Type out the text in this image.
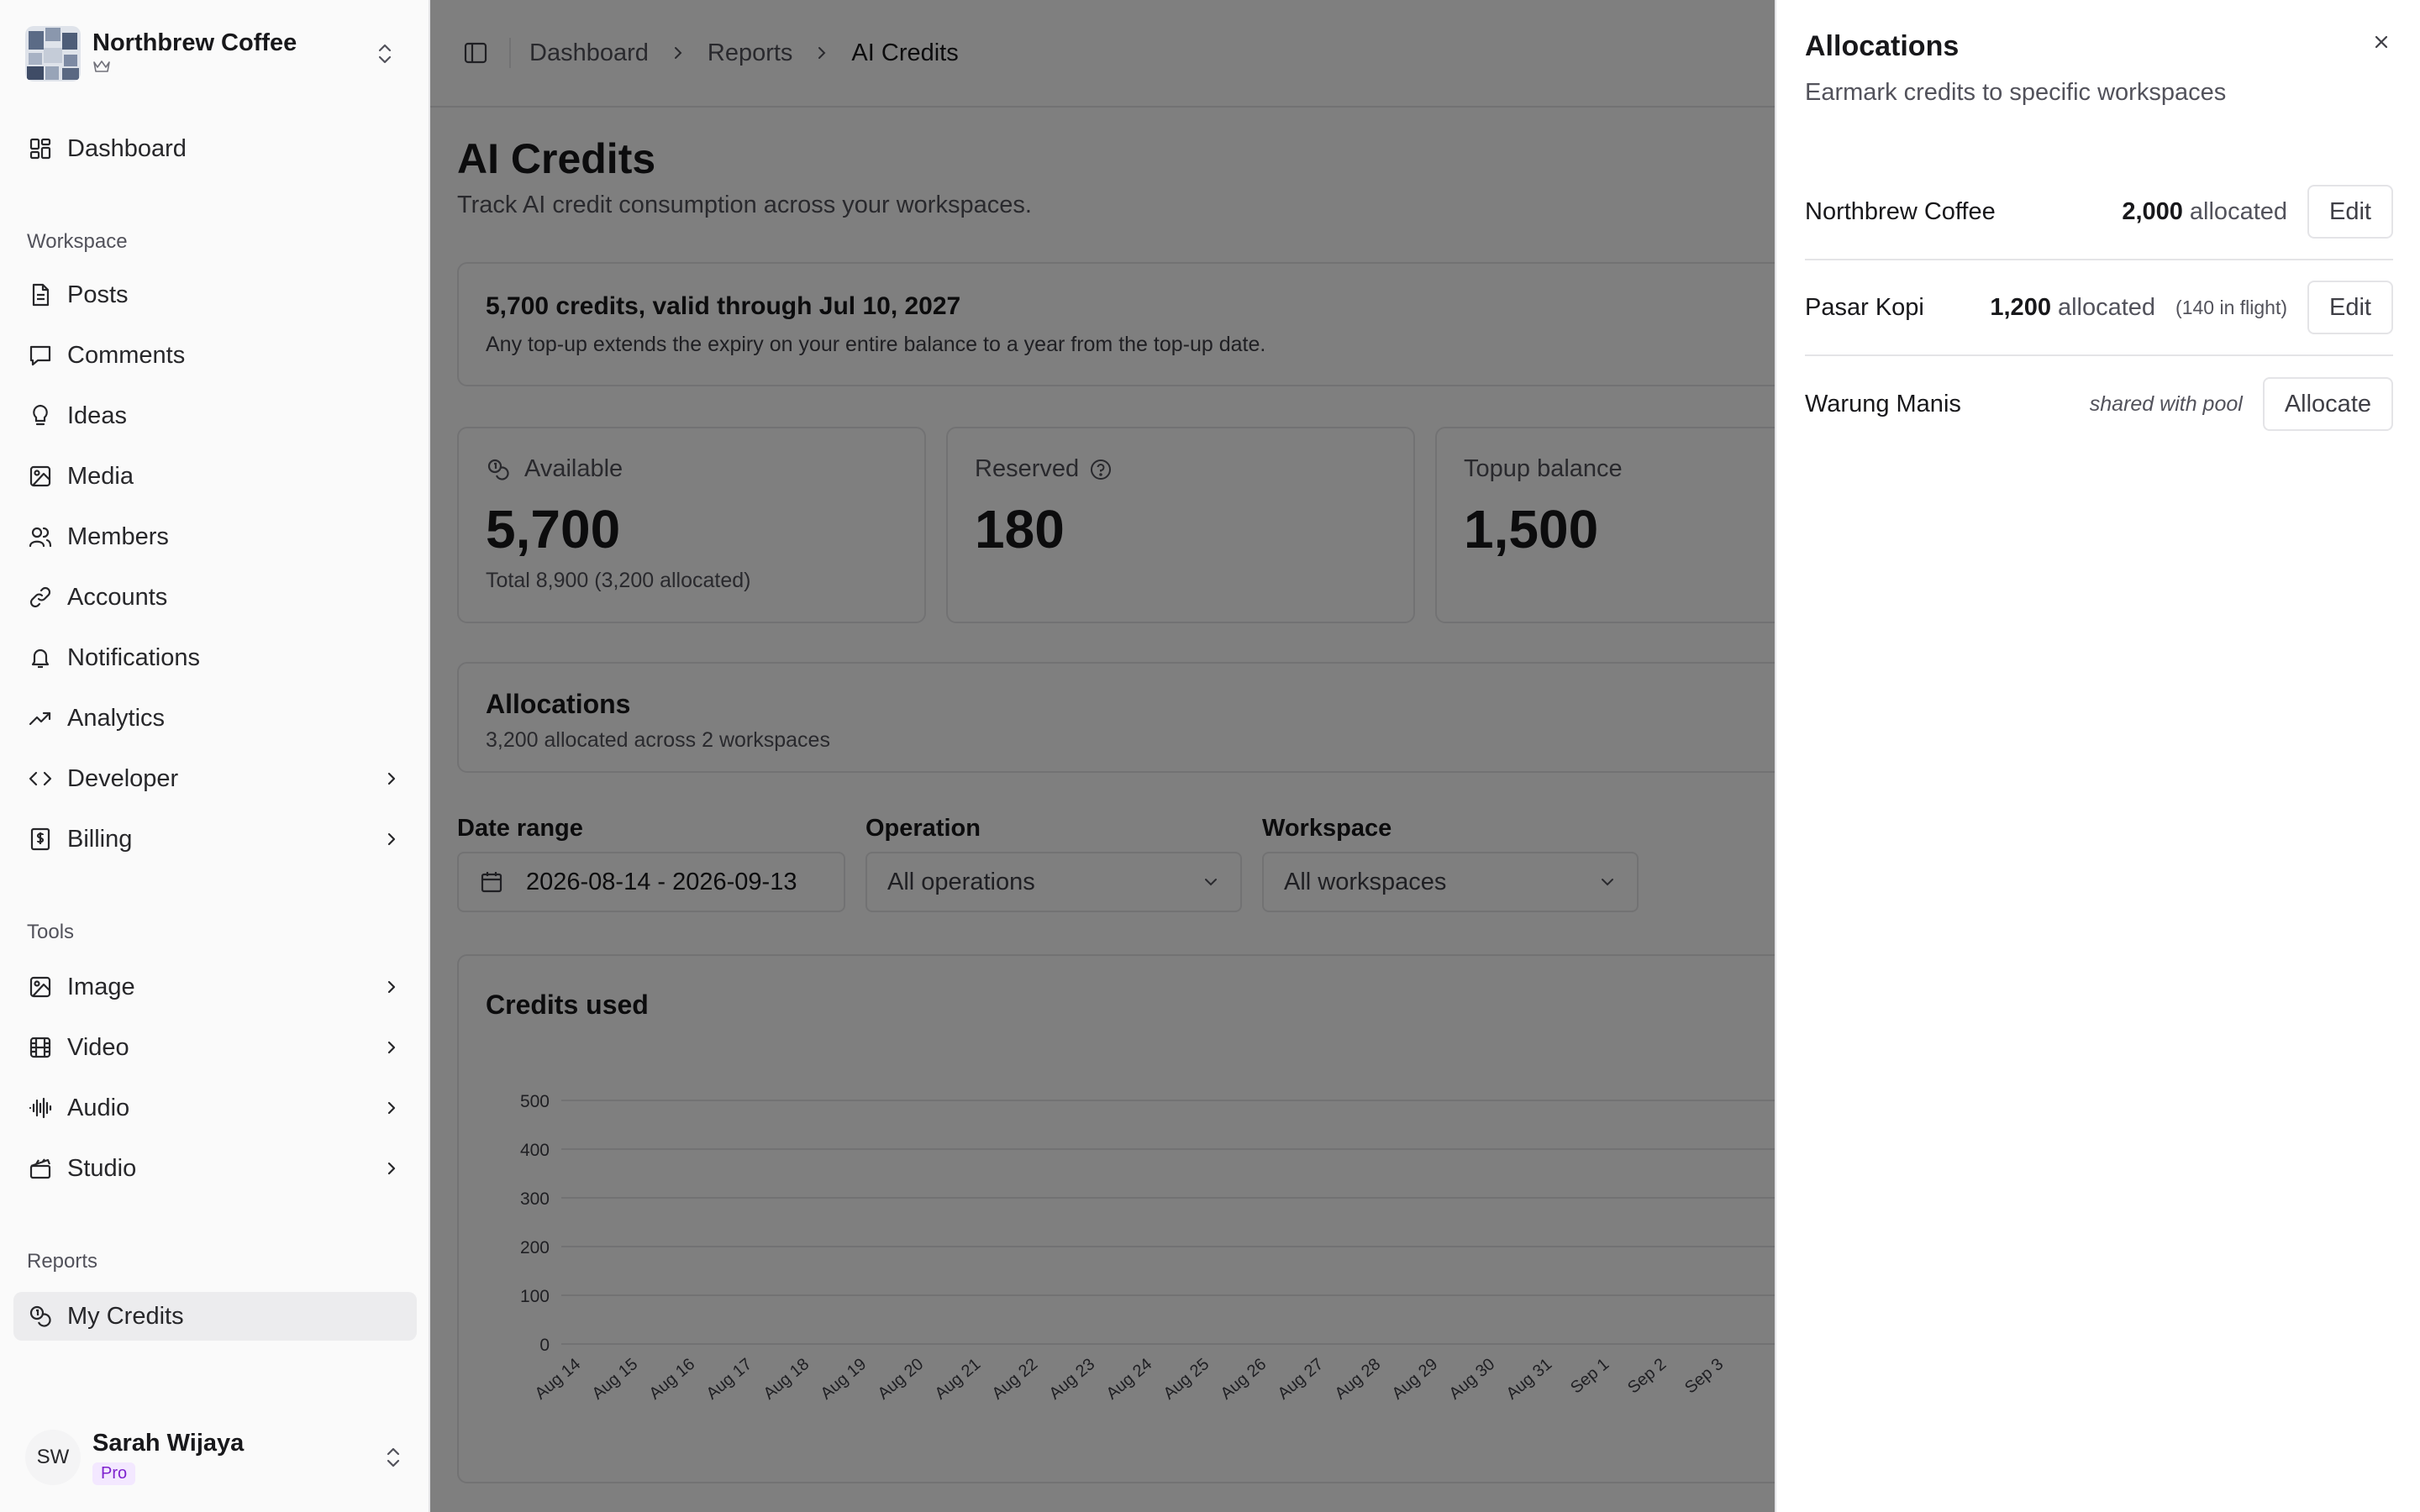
Northbrew Coffee
Dashboard
Workspace
Posts
Comments
Ideas
Media
Members
Accounts
Notifications
Analytics
Developer
Billing
Tools
Image
Video
Audio
Studio
Reports
My Credits
SW
Sarah Wijaya
Pro
Allocations
Earmark credits to specific workspaces
Northbrew Coffee	2,000 allocated	Edit
Pasar Kopi	1,200 allocated (140 in flight)	Edit
Warung Manis	shared with pool	Allocate
